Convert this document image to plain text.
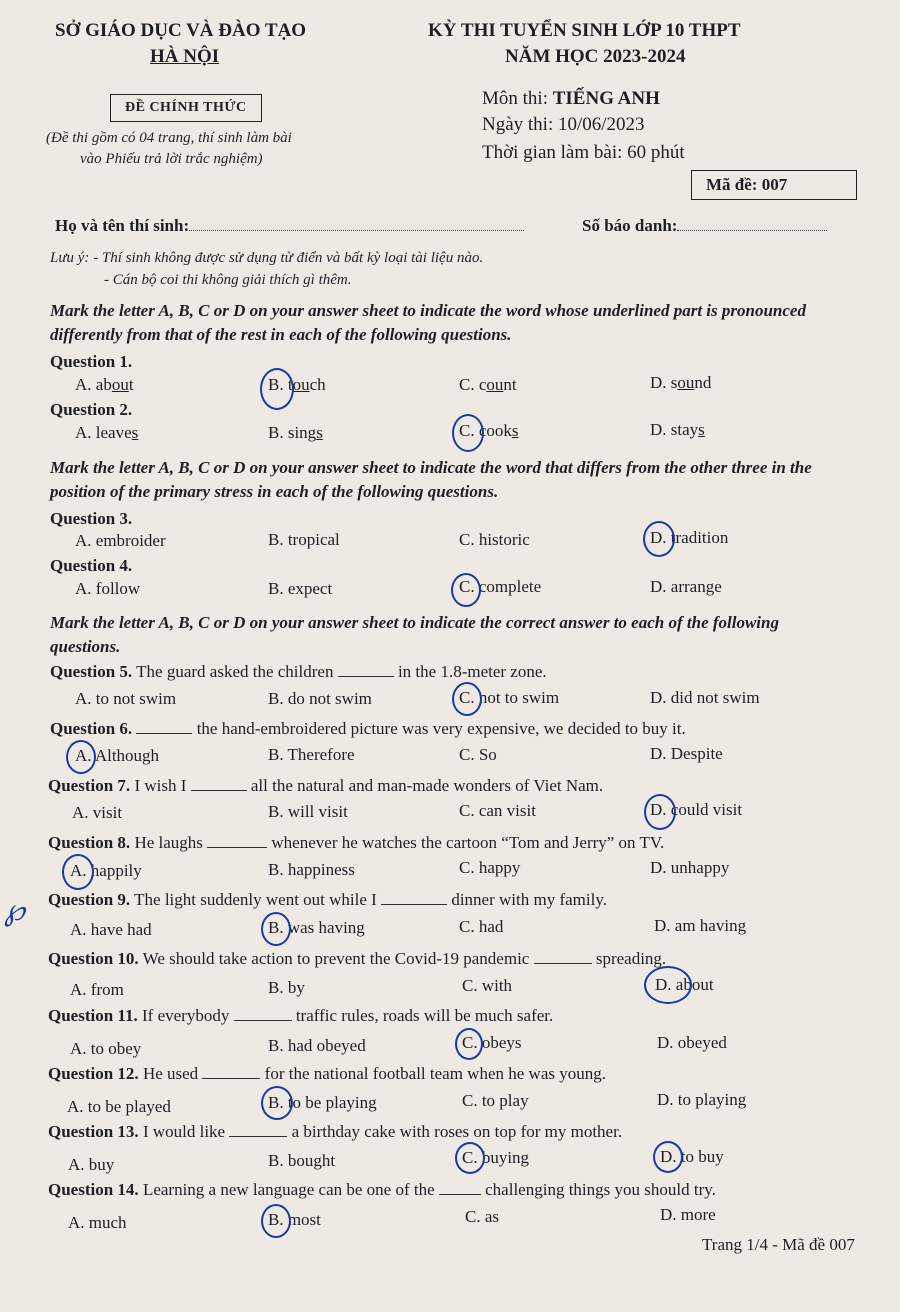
SỞ GIÁO DỤC VÀ ĐÀO TẠO
HÀ NỘI
ĐỀ CHÍNH THỨC
(Đề thi gồm có 04 trang, thí sinh làm bài
vào Phiếu trả lời trắc nghiệm)
KỲ THI TUYỂN SINH LỚP 10 THPT
NĂM HỌC 2023-2024
Môn thi: TIẾNG ANH
Ngày thi: 10/06/2023
Thời gian làm bài: 60 phút
Mã đề: 007
Họ và tên thí sinh:	Số báo danh:
Lưu ý: - Thí sinh không được sử dụng từ điển và bất kỳ loại tài liệu nào.
- Cán bộ coi thi không giải thích gì thêm.
Mark the letter A, B, C or D on your answer sheet to indicate the word whose underlined part is pronounced differently from that of the rest in each of the following questions.
Question 1.
A. about	B. touch	C. count	D. sound
Question 2.
A. leaves	B. sings	C. cooks	D. stays
Mark the letter A, B, C or D on your answer sheet to indicate the word that differs from the other three in the position of the primary stress in each of the following questions.
Question 3.
A. embroider	B. tropical	C. historic	D. tradition
Question 4.
A. follow	B. expect	C. complete	D. arrange
Mark the letter A, B, C or D on your answer sheet to indicate the correct answer to each of the following questions.
Question 5. The guard asked the children	in the 1.8-meter zone.
A. to not swim	B. do not swim	C. not to swim	D. did not swim
Question 6.	the hand-embroidered picture was very expensive, we decided to buy it.
A. Although	B. Therefore	C. So	D. Despite
Question 7. I wish I	all the natural and man-made wonders of Viet Nam.
A. visit	B. will visit	C. can visit	D. could visit
Question 8. He laughs	whenever he watches the cartoon “Tom and Jerry” on TV.
A. happily	B. happiness	C. happy	D. unhappy
℘ Question 9. The light suddenly went out while I	dinner with my family.
A. have had	B. was having	C. had	D. am having
Question 10. We should take action to prevent the Covid-19 pandemic	spreading.
A. from	B. by	C. with	D. about
Question 11. If everybody	traffic rules, roads will be much safer.
A. to obey	B. had obeyed	C. obeys	D. obeyed
Question 12. He used	for the national football team when he was young.
A. to be played	B. to be playing	C. to play	D. to playing
Question 13. I would like	a birthday cake with roses on top for my mother.
A. buy	B. bought	C. buying	D. to buy
Question 14. Learning a new language can be one of the	challenging things you should try.
A. much	B. most	C. as	D. more
Trang 1/4 - Mã đề 007
